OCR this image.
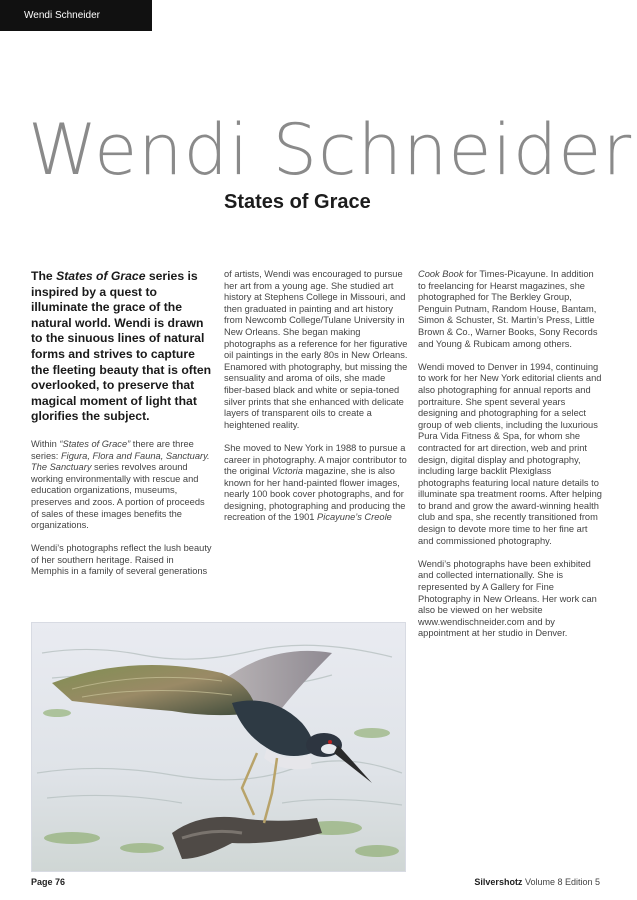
Wendi Schneider
Wendi Schneider
States of Grace

The States of Grace series is inspired by a quest to illuminate the grace of the natural world. Wendi is drawn to the sinuous lines of natural forms and strives to capture the fleeting beauty that is often overlooked, to preserve that magical moment of light that glorifies the subject.

Within “States of Grace” there are three series: Figura, Flora and Fauna, Sanctuary. The Sanctuary series revolves around working environmentally with rescue and education organizations, museums, preserves and zoos. A portion of proceeds of sales of these images benefits the organizations.

Wendi’s photographs reflect the lush beauty of her southern heritage. Raised in Memphis in a family of several generations

of artists, Wendi was encouraged to pursue her art from a young age. She studied art history at Stephens College in Missouri, and then graduated in painting and art history from Newcomb College/Tulane University in New Orleans. She began making photographs as a reference for her figurative oil paintings in the early 80s in New Orleans. Enamored with photography, but missing the sensuality and aroma of oils, she made fiber-based black and white or sepia-toned silver prints that she enhanced with delicate layers of transparent oils to create a heightened reality.

She moved to New York in 1988 to pursue a career in photography. A major contributor to the original Victoria magazine, she is also known for her hand-painted flower images, nearly 100 book cover photographs, and for designing, photographing and producing the recreation of the 1901 Picayune’s Creole

Cook Book for Times-Picayune. In addition to freelancing for Hearst magazines, she photographed for The Berkley Group, Penguin Putnam, Random House, Bantam, Simon & Schuster, St. Martin’s Press, Little Brown & Co., Warner Books, Sony Records and Young & Rubicam among others.

Wendi moved to Denver in 1994, continuing to work for her New York editorial clients and also photographing for annual reports and portraiture. She spent several years designing and photographing for a select group of web clients, including the luxurious Pura Vida Fitness & Spa, for whom she contracted for art direction, web and print design, digital display and photography, including large backlit Plexiglass photographs featuring local nature details to illuminate spa treatment rooms. After helping to brand and grow the award-winning health club and spa, she recently transitioned from design to devote more time to her fine art and commissioned photography.

Wendi’s photographs have been exhibited and collected internationally. She is represented by A Gallery for Fine Photography in New Orleans. Her work can also be viewed on her website www.wendischneider.com and by appointment at her studio in Denver.

Page 76	Silvershotz Volume 8 Edition 5
